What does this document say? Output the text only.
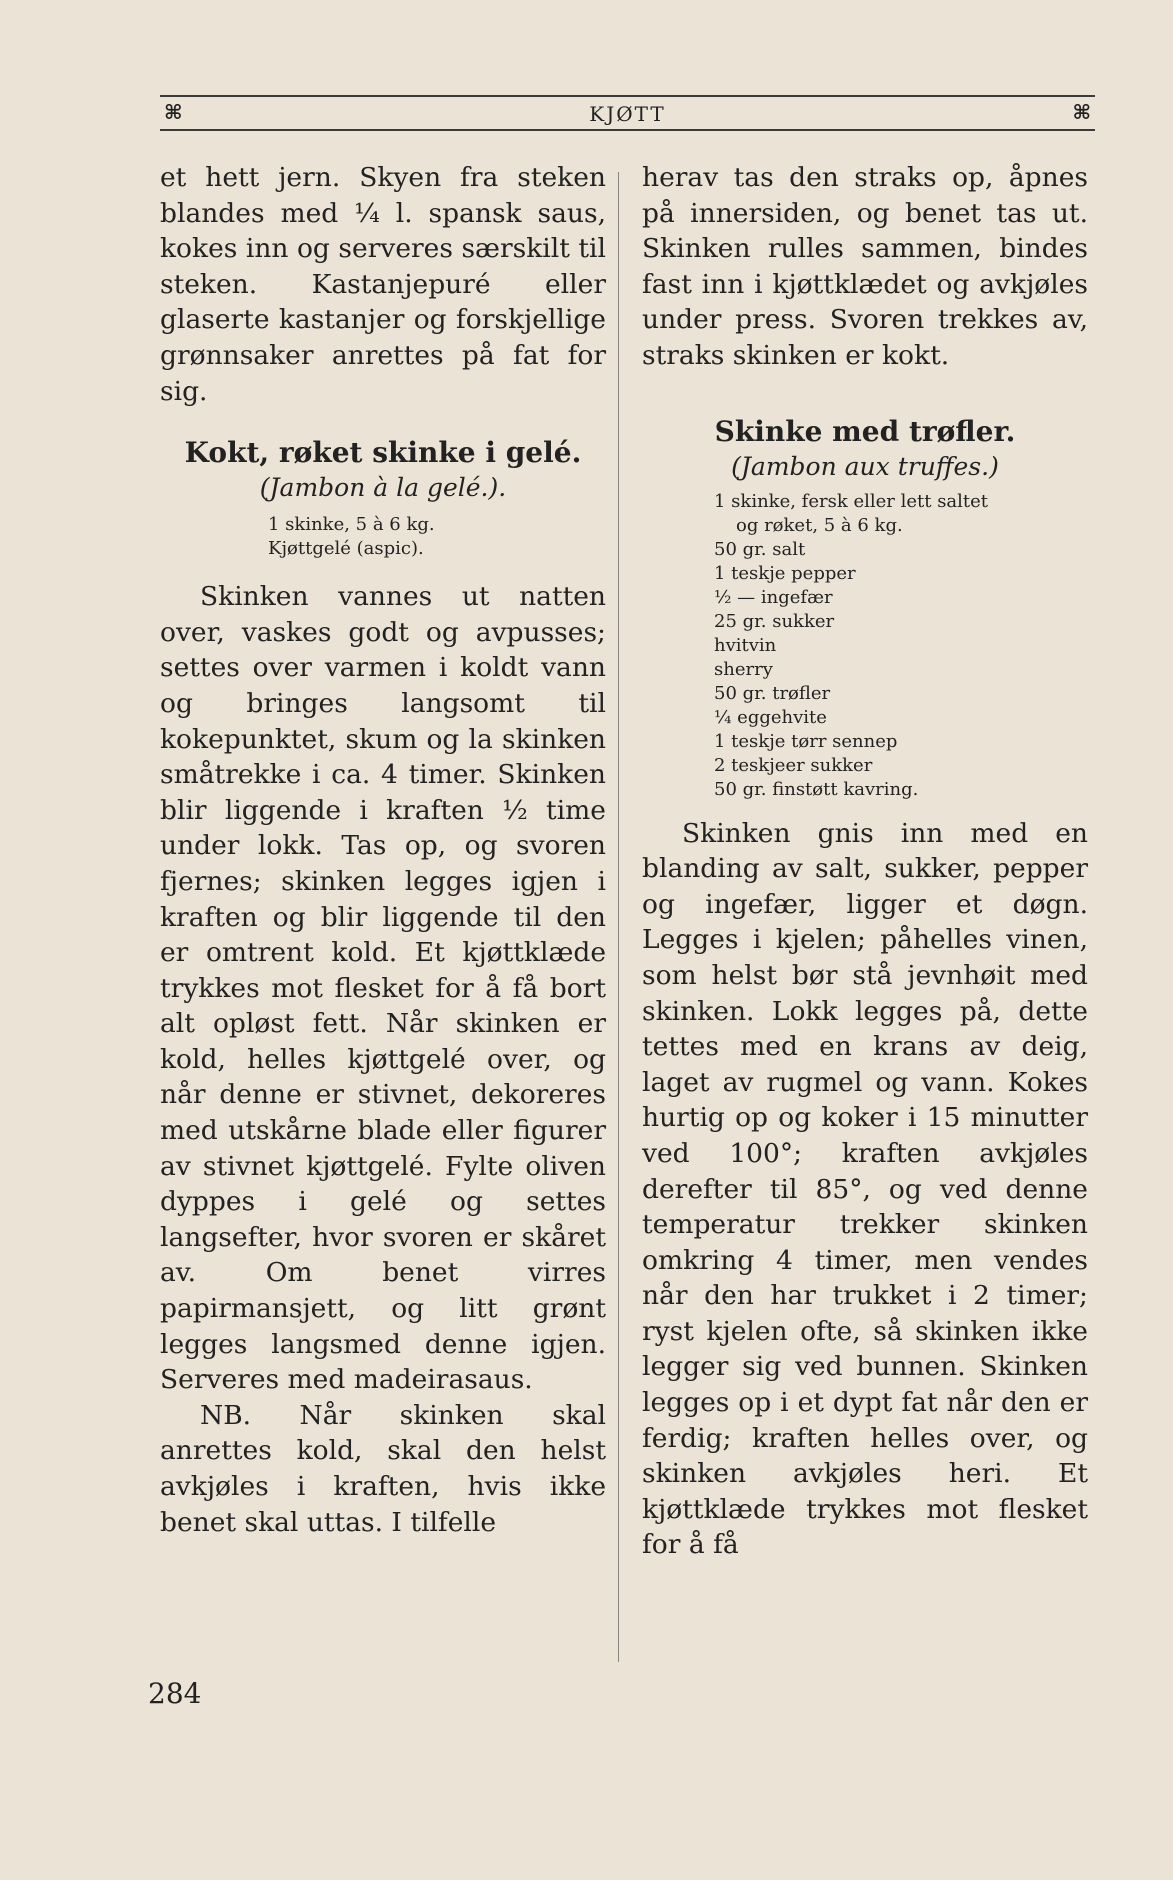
⌘	KJØTT	⌘

et hett jern. Skyen fra steken blandes med ¼ l. spansk saus, kokes inn og serveres særskilt til steken. Kastanjepuré eller glaserte kastanjer og forskjellige grønnsaker anrettes på fat for sig.

Kokt, røket skinke i gelé.

(Jambon à la gelé.).

1 skinke, 5 à 6 kg.
Kjøttgelé (aspic).

Skinken vannes ut natten over, vaskes godt og avpusses; settes over varmen i koldt vann og bringes langsomt til kokepunktet, skum og la skinken småtrekke i ca. 4 timer. Skinken blir liggende i kraften ½ time under lokk. Tas op, og svoren fjernes; skinken legges igjen i kraften og blir liggende til den er omtrent kold. Et kjøttklæde trykkes mot flesket for å få bort alt opløst fett. Når skinken er kold, helles kjøttgelé over, og når denne er stivnet, dekoreres med utskårne blade eller figurer av stivnet kjøttgelé. Fylte oliven dyppes i gelé og settes langsefter, hvor svoren er skåret av. Om benet virres papirmansjett, og litt grønt legges langsmed denne igjen. Serveres med madeirasaus.

NB. Når skinken skal anrettes kold, skal den helst avkjøles i kraften, hvis ikke benet skal uttas. I tilfelle

herav tas den straks op, åpnes på innersiden, og benet tas ut. Skinken rulles sammen, bindes fast inn i kjøttklædet og avkjøles under press. Svoren trekkes av, straks skinken er kokt.

Skinke med trøfler.

(Jambon aux truffes.)

1 skinke, fersk eller lett saltet
og røket, 5 à 6 kg.
50 gr. salt
1 teskje pepper
½ — ingefær
25 gr. sukker
hvitvin
sherry
50 gr. trøfler
¼ eggehvite
1 teskje tørr sennep
2 teskjeer sukker
50 gr. finstøtt kavring.

Skinken gnis inn med en blanding av salt, sukker, pepper og ingefær, ligger et døgn. Legges i kjelen; påhelles vinen, som helst bør stå jevnhøit med skinken. Lokk legges på, dette tettes med en krans av deig, laget av rugmel og vann. Kokes hurtig op og koker i 15 minutter ved 100°; kraften avkjøles derefter til 85°, og ved denne temperatur trekker skinken omkring 4 timer, men vendes når den har trukket i 2 timer; ryst kjelen ofte, så skinken ikke legger sig ved bunnen. Skinken legges op i et dypt fat når den er ferdig; kraften helles over, og skinken avkjøles heri. Et kjøttklæde trykkes mot flesket for å få

284
